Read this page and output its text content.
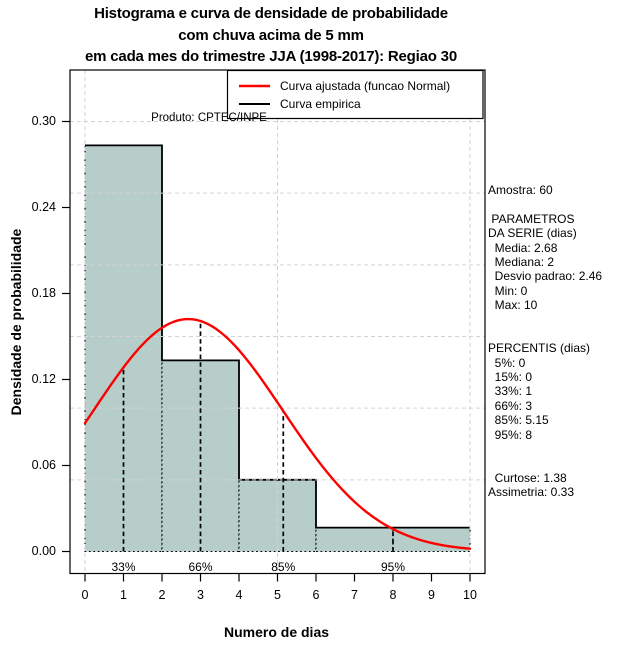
Histograma e curva de densidade de probabilidade
com chuva acima de 5 mm
em cada mes do trimestre JJA (1998-2017): Regiao 30
Curva ajustada (funcao Normal)
Curva empirica
Produto: CPTEC/INPE
Densidade de probabilidade
Numero de dias
Amostra: 60
PARAMETROS
DA SERIE (dias)
Media: 2.68
Mediana: 2
Desvio padrao: 2.46
Min: 0
Max: 10
PERCENTIS (dias)
5%: 0
15%: 0
33%: 1
66%: 3
85%: 5.15
95%: 8
Curtose: 1.38
Assimetria: 0.33
33%	66%	85%	95%
0	1	2	3	4	5	6	7	8	9	10
0.00
0.06
0.12
0.18
0.24
0.30
